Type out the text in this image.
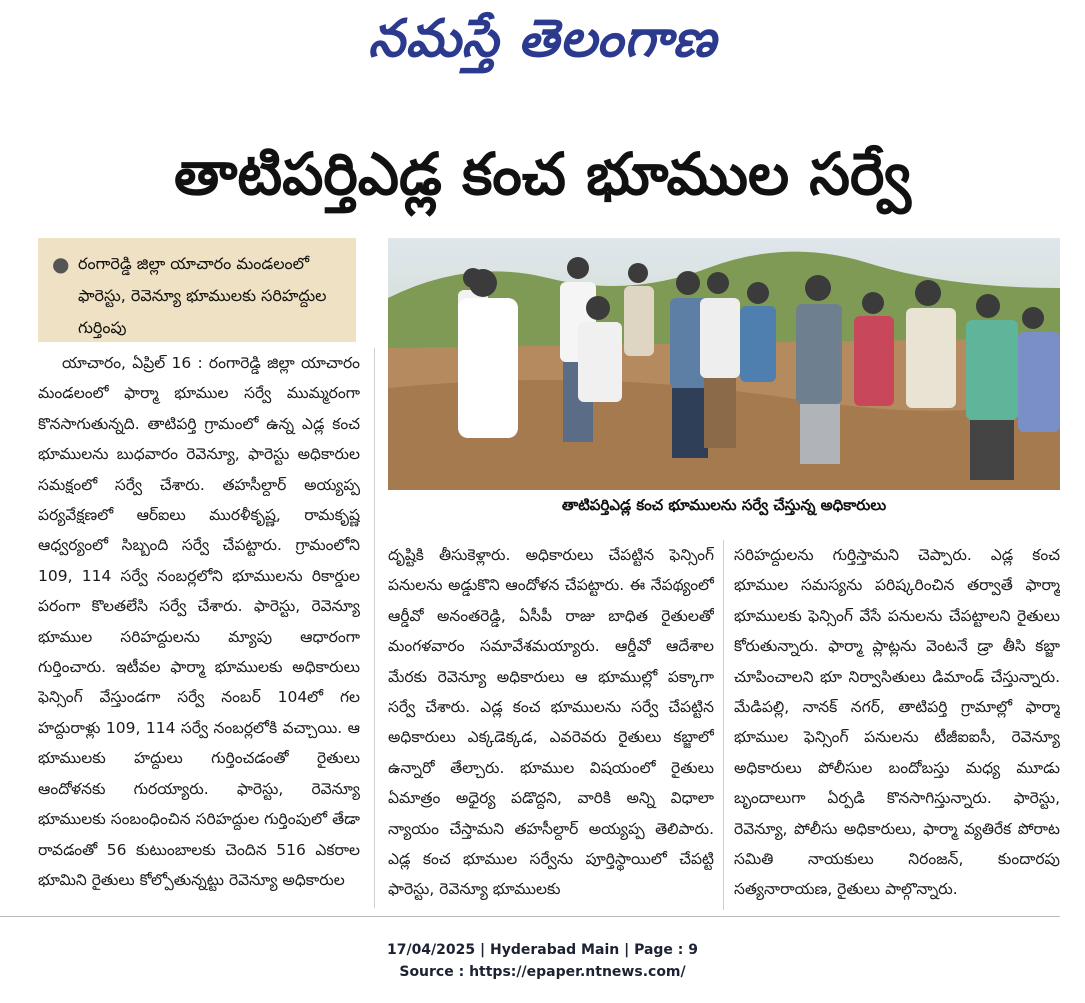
నమస్తే తెలంగాణ
తాటిపర్తిఎడ్ల కంచ భూముల సర్వే
● రంగారెడ్డి జిల్లా యాచారం మండలంలో ఫారెస్టు, రెవెన్యూ భూములకు సరిహద్దుల గుర్తింపు
తాటిపర్తిఎడ్ల కంచ భూములను సర్వే చేస్తున్న అధికారులు

యాచారం, ఏప్రిల్ 16 : రంగారెడ్డి జిల్లా యాచారం మండలంలో ఫార్మా భూముల సర్వే ముమ్మరంగా కొనసాగుతున్నది. తాటిపర్తి గ్రామంలో ఉన్న ఎడ్ల కంచ భూములను బుధవారం రెవెన్యూ, ఫారెస్టు అధికారుల సమక్షంలో సర్వే చేశారు. తహసీల్దార్ అయ్యప్ప పర్యవేక్షణలో ఆర్ఐలు మురళీకృష్ణ, రామకృష్ణ ఆధ్వర్యంలో సిబ్బంది సర్వే చేపట్టారు. గ్రామంలోని 109, 114 సర్వే నంబర్లలోని భూములను రికార్డుల పరంగా కొలతలేసి సర్వే చేశారు. ఫారెస్టు, రెవెన్యూ భూముల సరిహద్దులను మ్యాపు ఆధారంగా గుర్తించారు. ఇటీవల ఫార్మా భూములకు అధికారులు ఫెన్సింగ్ వేస్తుండగా సర్వే నంబర్ 104లో గల హద్దురాళ్లు 109, 114 సర్వే నంబర్లలోకి వచ్చాయి. ఆ భూములకు హద్దులు గుర్తించడంతో రైతులు ఆందోళనకు గురయ్యారు. ఫారెస్టు, రెవెన్యూ భూములకు సంబంధించిన సరిహద్దుల గుర్తింపులో తేడా రావడంతో 56 కుటుంబాలకు చెందిన 516 ఎకరాల భూమిని రైతులు కోల్పోతున్నట్టు రెవెన్యూ అధికారుల

దృష్టికి తీసుకెళ్లారు. అధికారులు చేపట్టిన ఫెన్సింగ్ పనులను అడ్డుకొని ఆందోళన చేపట్టారు. ఈ నేపథ్యంలో ఆర్డీవో అనంతరెడ్డి, ఏసీపీ రాజు బాధిత రైతులతో మంగళవారం సమావేశమయ్యారు. ఆర్డీవో ఆదేశాల మేరకు రెవెన్యూ అధికారులు ఆ భూముల్లో పక్కాగా సర్వే చేశారు. ఎడ్ల కంచ భూములను సర్వే చేపట్టిన అధికారులు ఎక్కడెక్కడ, ఎవరెవరు రైతులు కబ్జాలో ఉన్నారో తేల్చారు. భూముల విషయంలో రైతులు ఏమాత్రం అధైర్య పడొద్దని, వారికి అన్ని విధాలా న్యాయం చేస్తామని తహసీల్దార్ అయ్యప్ప తెలిపారు. ఎడ్ల కంచ భూముల సర్వేను పూర్తిస్థాయిలో చేపట్టి ఫారెస్టు, రెవెన్యూ భూములకు

సరిహద్దులను గుర్తిస్తామని చెప్పారు. ఎడ్ల కంచ భూముల సమస్యను పరిష్కరించిన తర్వాతే ఫార్మా భూములకు ఫెన్సింగ్ వేసే పనులను చేపట్టాలని రైతులు కోరుతున్నారు. ఫార్మా ప్లాట్లను వెంటనే డ్రా తీసి కబ్జా చూపించాలని భూ నిర్వాసితులు డిమాండ్ చేస్తున్నారు. మేడిపల్లి, నానక్ నగర్, తాటిపర్తి గ్రామాల్లో ఫార్మా భూముల ఫెన్సింగ్ పనులను టీజీఐఐసీ, రెవెన్యూ అధికారులు పోలీసుల బందోబస్తు మధ్య మూడు బృందాలుగా ఏర్పడి కొనసాగిస్తున్నారు. ఫారెస్టు, రెవెన్యూ, పోలీసు అధికారులు, ఫార్మా వ్యతిరేక పోరాట సమితి నాయకులు నిరంజన్, కుందారపు సత్యనారాయణ, రైతులు పాల్గొన్నారు.

17/04/2025 | Hyderabad Main | Page : 9
Source : https://epaper.ntnews.com/
